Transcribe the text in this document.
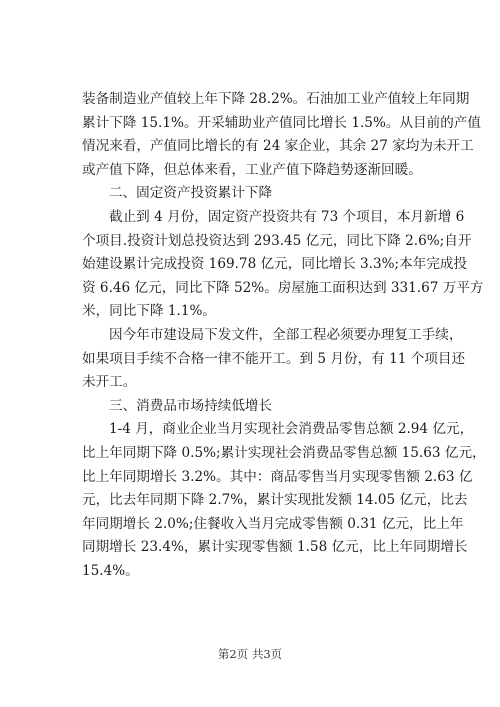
装备制造业产值较上年下降 28.2%。石油加工业产值较上年同期
累计下降 15.1%。开采辅助业产值同比增长 1.5%。从目前的产值
情况来看，产值同比增长的有 24 家企业，其余 27 家均为未开工
或产值下降，但总体来看，工业产值下降趋势逐渐回暖。
二、固定资产投资累计下降
截止到 4 月份，固定资产投资共有 73 个项目，本月新增 6
个项目.投资计划总投资达到 293.45 亿元，同比下降 2.6%;自开
始建设累计完成投资 169.78 亿元，同比增长 3.3%;本年完成投
资 6.46 亿元，同比下降 52%。房屋施工面积达到 331.67 万平方
米，同比下降 1.1%。
因今年市建设局下发文件，全部工程必须要办理复工手续，
如果项目手续不合格一律不能开工。到 5 月份，有 11 个项目还
未开工。
三、消费品市场持续低增长
1-4 月，商业企业当月实现社会消费品零售总额 2.94 亿元，
比上年同期下降 0.5%;累计实现社会消费品零售总额 15.63 亿元，
比上年同期增长 3.2%。其中：商品零售当月实现零售额 2.63 亿
元，比去年同期下降 2.7%，累计实现批发额 14.05 亿元，比去
年同期增长 2.0%;住餐收入当月完成零售额 0.31 亿元，比上年
同期增长 23.4%，累计实现零售额 1.58 亿元，比上年同期增长
15.4%。
第2页 共3页
